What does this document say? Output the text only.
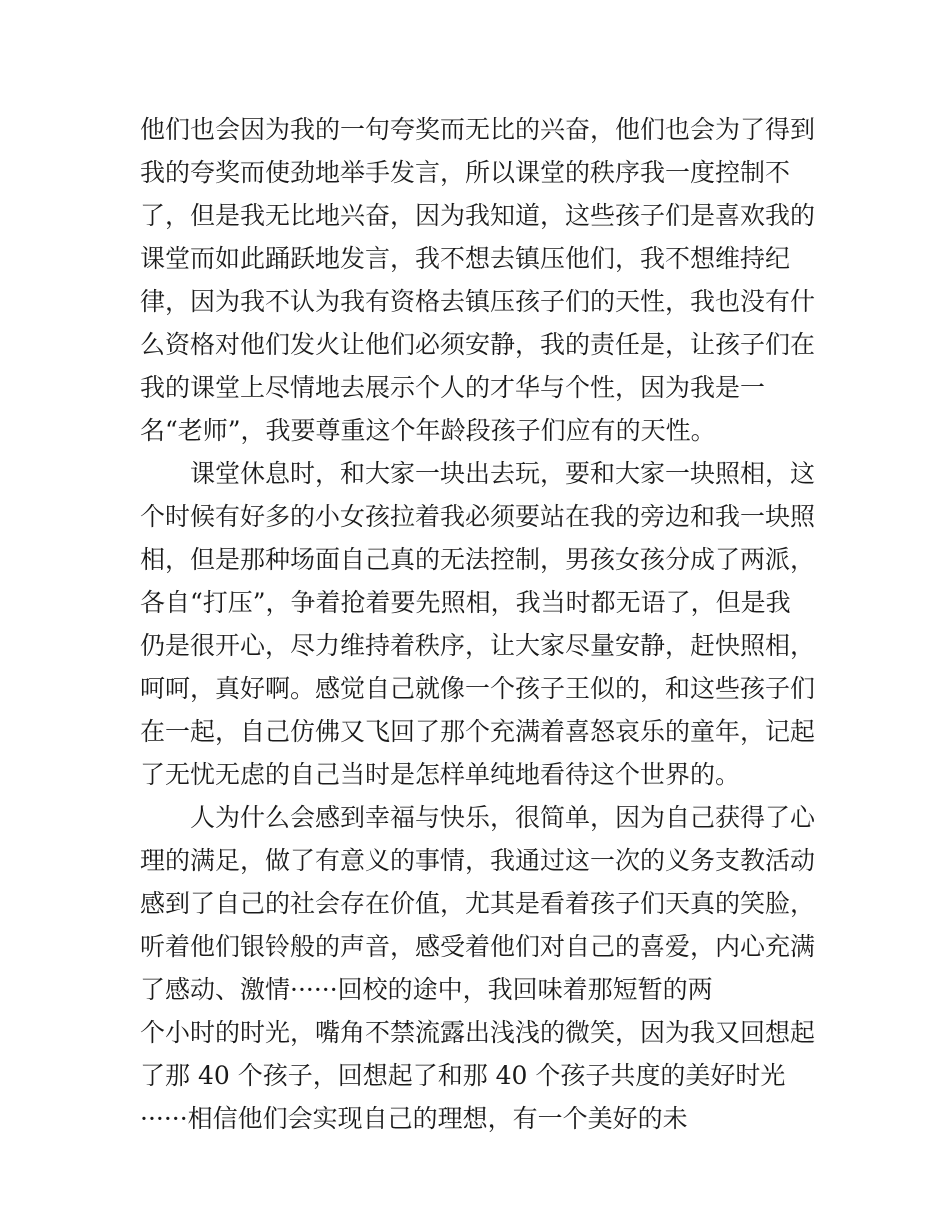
他们也会因为我的一句夸奖而无比的兴奋，他们也会为了得到
我的夸奖而使劲地举手发言，所以课堂的秩序我一度控制不
了，但是我无比地兴奋，因为我知道，这些孩子们是喜欢我的
课堂而如此踊跃地发言，我不想去镇压他们，我不想维持纪
律，因为我不认为我有资格去镇压孩子们的天性，我也没有什
么资格对他们发火让他们必须安静，我的责任是，让孩子们在
我的课堂上尽情地去展示个人的才华与个性，因为我是一
名“老师”，我要尊重这个年龄段孩子们应有的天性。
课堂休息时，和大家一块出去玩，要和大家一块照相，这
个时候有好多的小女孩拉着我必须要站在我的旁边和我一块照
相，但是那种场面自己真的无法控制，男孩女孩分成了两派，
各自“打压”，争着抢着要先照相，我当时都无语了，但是我
仍是很开心，尽力维持着秩序，让大家尽量安静，赶快照相，
呵呵，真好啊。感觉自己就像一个孩子王似的，和这些孩子们
在一起，自己仿佛又飞回了那个充满着喜怒哀乐的童年，记起
了无忧无虑的自己当时是怎样单纯地看待这个世界的。
人为什么会感到幸福与快乐，很简单，因为自己获得了心
理的满足，做了有意义的事情，我通过这一次的义务支教活动
感到了自己的社会存在价值，尤其是看着孩子们天真的笑脸，
听着他们银铃般的声音，感受着他们对自己的喜爱，内心充满
了感动、激情······回校的途中，我回味着那短暂的两
个小时的时光，嘴角不禁流露出浅浅的微笑，因为我又回想起
了那 40 个孩子，回想起了和那 40 个孩子共度的美好时光
······相信他们会实现自己的理想，有一个美好的未
